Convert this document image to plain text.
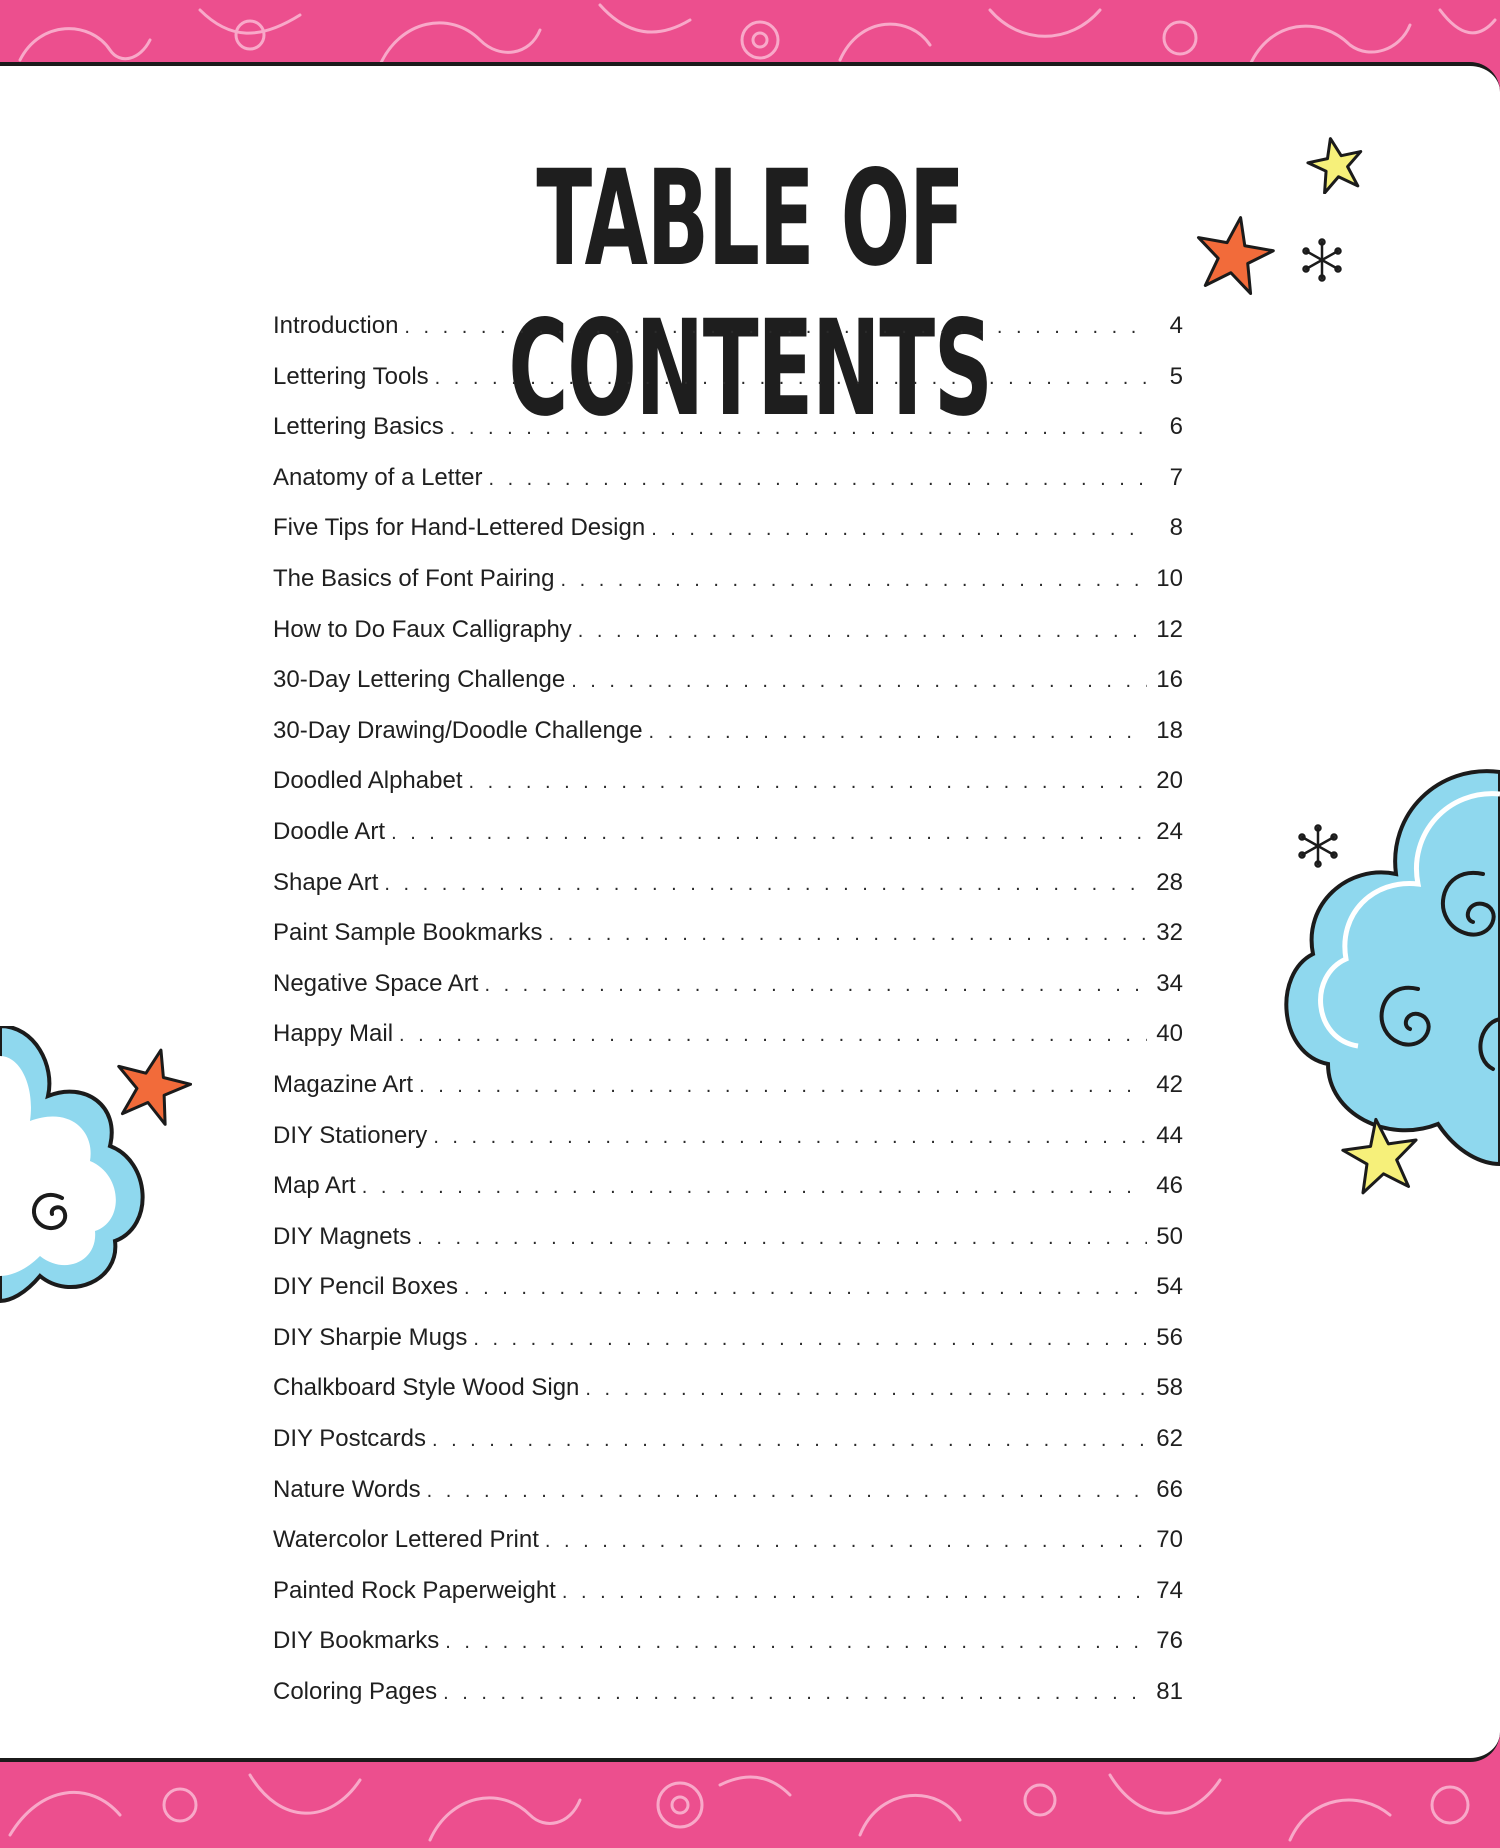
TABLE OF CONTENTS
Introduction . . .	4
Lettering Tools . . .	5
Lettering Basics . . .	6
Anatomy of a Letter . . .	7
Five Tips for Hand-Lettered Design . . .	8
The Basics of Font Pairing . . .	10
How to Do Faux Calligraphy . . .	12
30-Day Lettering Challenge . . .	16
30-Day Drawing/Doodle Challenge . . .	18
Doodled Alphabet . . .	20
Doodle Art . . .	24
Shape Art . . .	28
Paint Sample Bookmarks . . .	32
Negative Space Art . . .	34
Happy Mail . . .	40
Magazine Art . . .	42
DIY Stationery . . .	44
Map Art . . .	46
DIY Magnets . . .	50
DIY Pencil Boxes . . .	54
DIY Sharpie Mugs . . .	56
Chalkboard Style Wood Sign . . .	58
DIY Postcards . . .	62
Nature Words . . .	66
Watercolor Lettered Print . . .	70
Painted Rock Paperweight . . .	74
DIY Bookmarks . . .	76
Coloring Pages . . .	81
